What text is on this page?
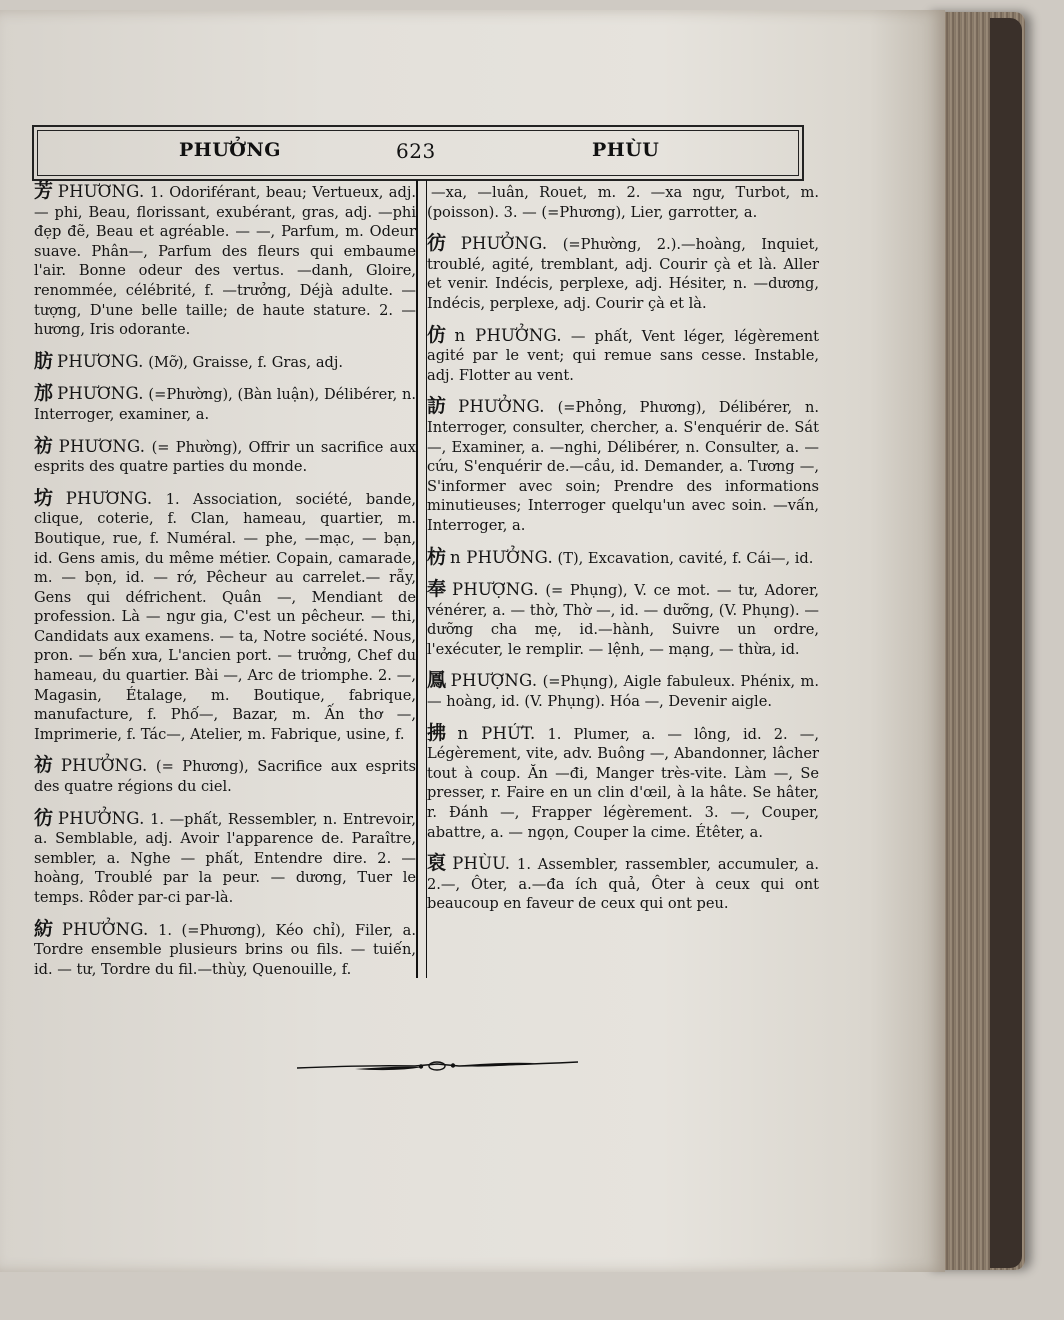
PHƯỞNG	623	PHÙU

芳 PHƯƠNG. 1. Odoriférant, beau; Vertueux, adj. — phi, Beau, florissant, exubérant, gras, adj. —phi đẹp đẽ, Beau et agréable. — —, Parfum, m. Odeur suave. Phân—, Parfum des fleurs qui embaume l'air. Bonne odeur des vertus. —danh, Gloire, renommée, célébrité, f. —trưởng, Déjà adulte. — tượng, D'une belle taille; de haute stature. 2. — hương, Iris odorante.

肪 PHƯƠNG. (Mỡ), Graisse, f. Gras, adj.

邡 PHƯƠNG. (=Phường), (Bàn luận), Délibérer, n. Interroger, examiner, a.

祊 PHƯƠNG. (= Phường), Offrir un sacrifice aux esprits des quatre parties du monde.

坊 PHƯƠNG. 1. Association, société, bande, clique, coterie, f. Clan, hameau, quartier, m. Boutique, rue, f. Numéral. — phe, —mạc, — bạn, id. Gens amis, du même métier. Copain, camarade, m. — bọn, id. — rớ, Pêcheur au carrelet.— rẫy, Gens qui défrichent. Quân —, Mendiant de profession. Là — ngư gia, C'est un pêcheur. — thi, Candidats aux examens. — ta, Notre société. Nous, pron. — bến xưa, L'ancien port. — trưởng, Chef du hameau, du quartier. Bài —, Arc de triomphe. 2. —, Magasin, Étalage, m. Boutique, fabrique, manufacture, f. Phố—, Bazar, m. Ấn thơ —, Imprimerie, f. Tác—, Atelier, m. Fabrique, usine, f.

祊 PHƯỞNG. (= Phương), Sacrifice aux esprits des quatre régions du ciel.

彷 PHƯỞNG. 1. —phất, Ressembler, n. Entrevoir, a. Semblable, adj. Avoir l'apparence de. Paraître, sembler, a. Nghe — phất, Entendre dire. 2. — hoàng, Troublé par la peur. — dương, Tuer le temps. Rôder par-ci par-là.

紡 PHƯỞNG. 1. (=Phương), Kéo chỉ), Filer, a. Tordre ensemble plusieurs brins ou fils. — tuiến, id. — tư, Tordre du fil.—thùy, Quenouille, f.

—xa, —luân, Rouet, m. 2. —xa ngư, Turbot, m. (poisson). 3. — (=Phương), Lier, garrotter, a.

彷 PHƯỞNG. (=Phường, 2.).—hoàng, Inquiet, troublé, agité, tremblant, adj. Courir çà et là. Aller et venir. Indécis, perplexe, adj. Hésiter, n. —dương, Indécis, perplexe, adj. Courir çà et là.

仿 n PHƯỞNG. — phất, Vent léger, légèrement agité par le vent; qui remue sans cesse. Instable, adj. Flotter au vent.

訪 PHƯỞNG. (=Phỏng, Phương), Délibérer, n. Interroger, consulter, chercher, a. S'enquérir de. Sát —, Examiner, a. —nghi, Délibérer, n. Consulter, a. —cứu, S'enquérir de.—cầu, id. Demander, a. Tương —, S'informer avec soin; Prendre des informations minutieuses; Interroger quelqu'un avec soin. —vấn, Interroger, a.

枋 n PHƯỞNG. (T), Excavation, cavité, f. Cái—, id.

奉 PHƯỢNG. (= Phụng), V. ce mot. — tư, Adorer, vénérer, a. — thờ, Thờ —, id. — dưỡng, (V. Phụng). — dưỡng cha mẹ, id.—hành, Suivre un ordre, l'exécuter, le remplir. — lệnh, — mạng, — thừa, id.

鳳 PHƯỢNG. (=Phụng), Aigle fabuleux. Phénix, m. — hoàng, id. (V. Phụng). Hóa —, Devenir aigle.

拂 n PHỨT. 1. Plumer, a. — lông, id. 2. —, Légèrement, vite, adv. Buông —, Abandonner, lâcher tout à coup. Ăn —đi, Manger très-vite. Làm —, Se presser, r. Faire en un clin d'œil, à la hâte. Se hâter, r. Đánh —, Frapper légèrement. 3. —, Couper, abattre, a. — ngọn, Couper la cime. Étêter, a.

裒 PHÙU. 1. Assembler, rassembler, accumuler, a. 2.—, Ôter, a.—đa ích quả, Ôter à ceux qui ont beaucoup en faveur de ceux qui ont peu.
